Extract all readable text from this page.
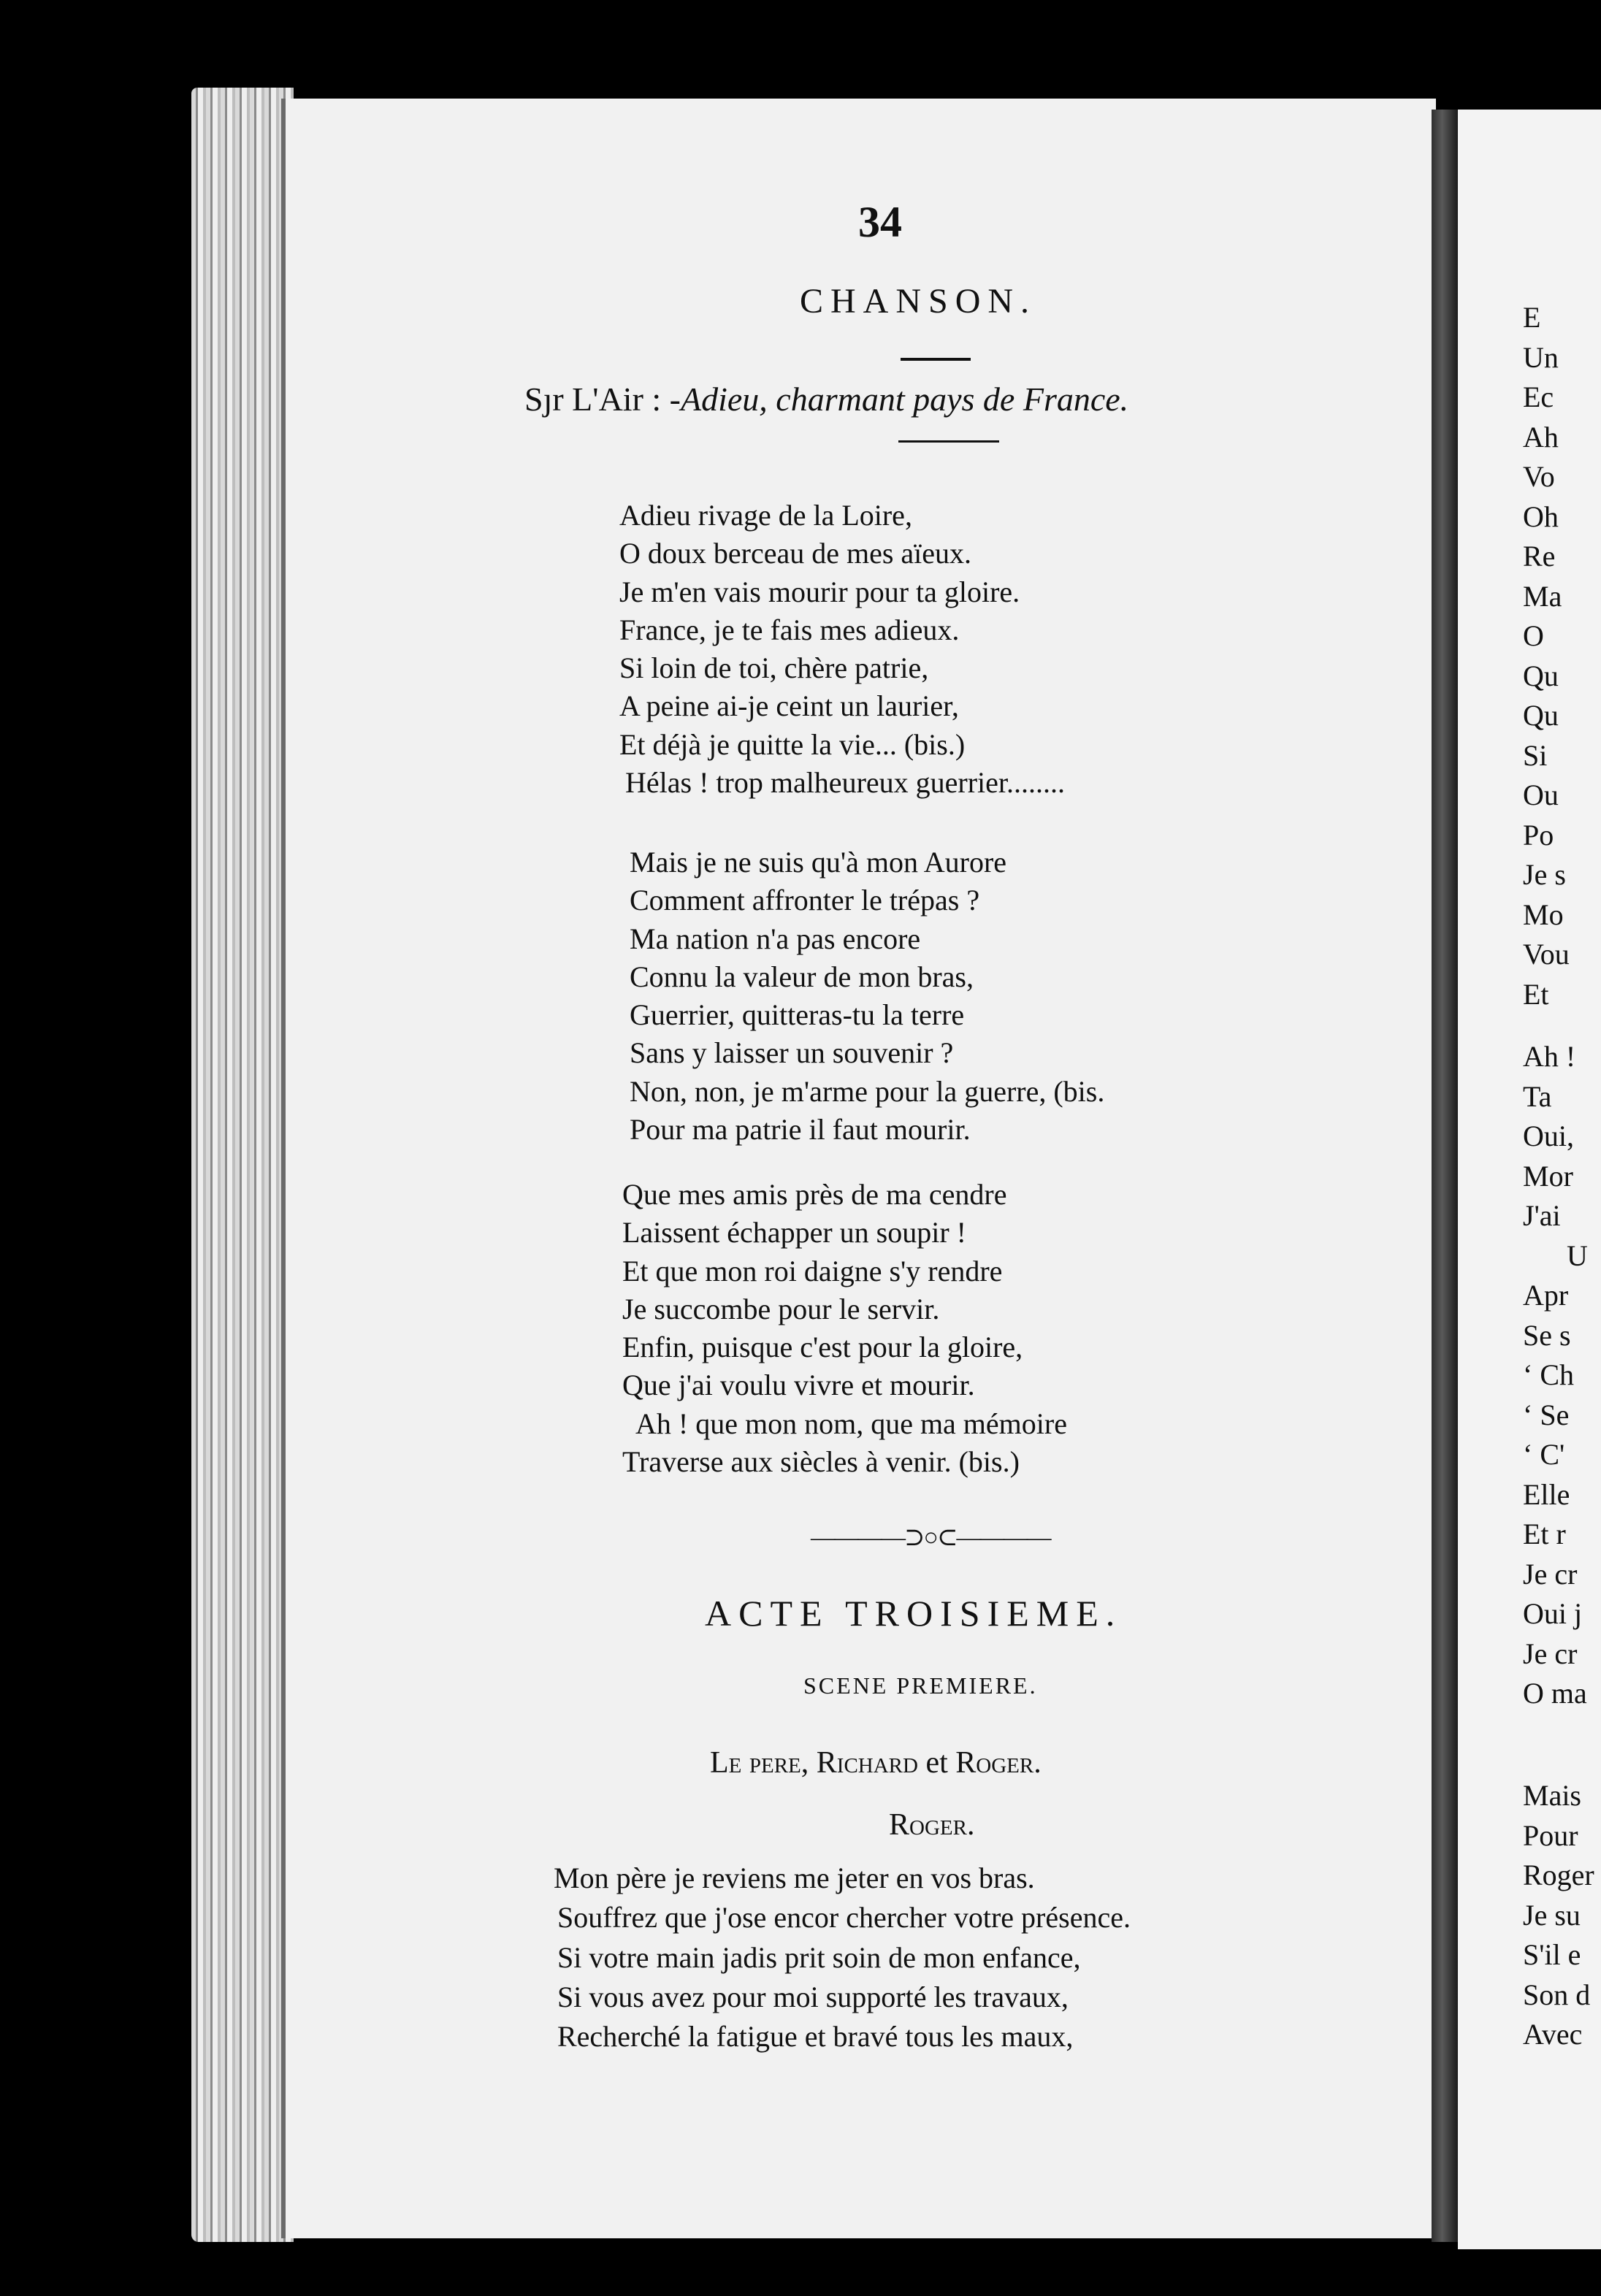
34
CHANSON.
Sȷr L'Air : -Adieu, charmant pays de France.
Adieu rivage de la Loire,
O doux berceau de mes aïeux.
Je m'en vais mourir pour ta gloire.
France, je te fais mes adieux.
Si loin de toi, chère patrie,
A peine ai-je ceint un laurier,
Et déjà je quitte la vie... (bis.)
Hélas ! trop malheureux guerrier........
Mais je ne suis qu'à mon Aurore
Comment affronter le trépas ?
Ma nation n'a pas encore
Connu la valeur de mon bras,
Guerrier, quitteras-tu la terre
Sans y laisser un souvenir ?
Non, non, je m'arme pour la guerre, (bis.
Pour ma patrie il faut mourir.
Que mes amis près de ma cendre
Laissent échapper un soupir !
Et que mon roi daigne s'y rendre
Je succombe pour le servir.
Enfin, puisque c'est pour la gloire,
Que j'ai voulu vivre et mourir.
Ah ! que mon nom, que ma mémoire
Traverse aux siècles à venir. (bis.)
————⊃○⊂————
ACTE TROISIEME.
SCENE PREMIERE.
Le pere, Richard et Roger.
Roger.
Mon père je reviens me jeter en vos bras.
Souffrez que j'ose encor chercher votre présence.
Si votre main jadis prit soin de mon enfance,
Si vous avez pour moi supporté les travaux,
Recherché la fatigue et bravé tous les maux,
E
Un
Ec
Ah
Vo
Oh
Re
Ma
O
Qu
Qu
Si
Ou
Po
Je s
Mo
Vou
Et
Ah !
Ta
Oui,
Mor
J'ai
U
Apr
Se s
‘ Ch
‘ Se
‘ C'
Elle
Et r
Je cr
Oui j
Je cr
O ma
Mais
Pour
Roger
Je su
S'il e
Son d
Avec
